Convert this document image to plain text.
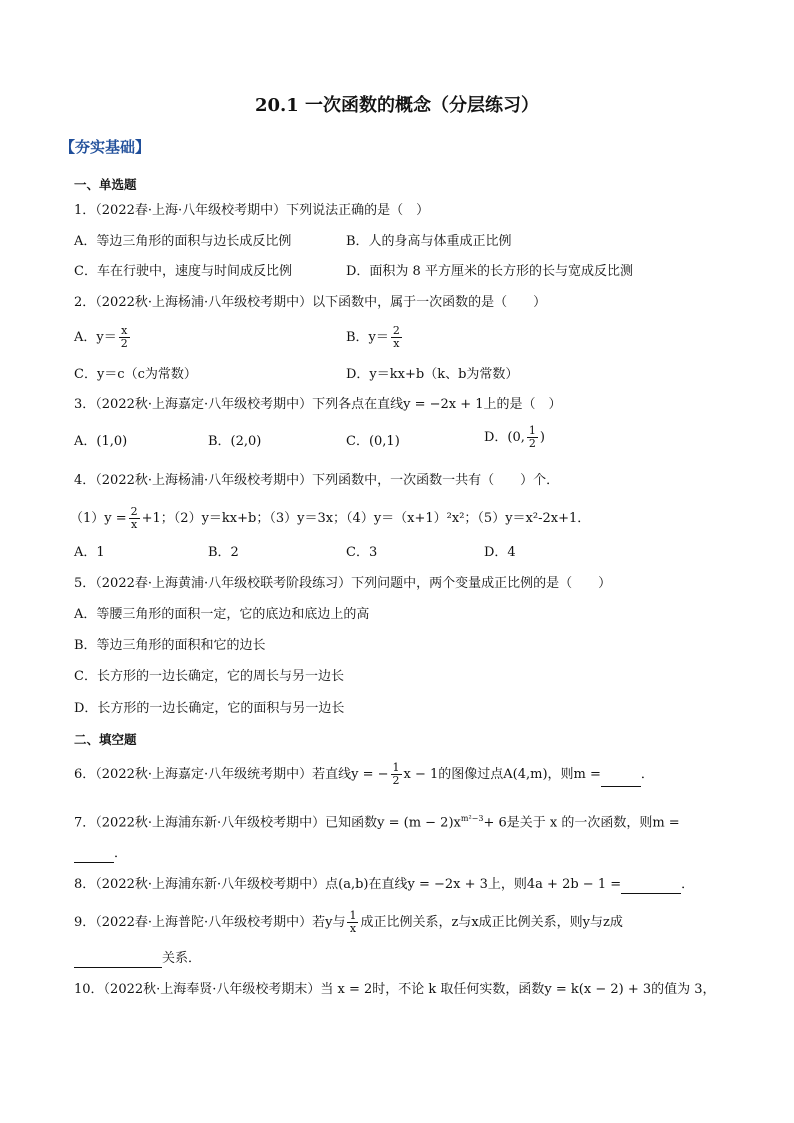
20.1 一次函数的概念（分层练习）
【夯实基础】
一、单选题
1．（2022春·上海·八年级校考期中）下列说法正确的是（　）
A．等边三角形的面积与边长成反比例	B．人的身高与体重成正比例
C．车在行驶中，速度与时间成反比例	D．面积为 8 平方厘米的长方形的长与宽成反比测
2．（2022秋·上海杨浦·八年级校考期中）以下函数中，属于一次函数的是（　　）
A．$y= \frac{x}{2}$	B．$y= \frac{2}{x}$
C．y＝c（c为常数）	D．y＝kx+b（k、b为常数）
3．（2022秋·上海嘉定·八年级校考期中）下列各点在直线y = −2x + 1上的是（　）
A．(1,0)	B．(2,0)	C．(0,1)	D．(0, $\frac{1}{2}$ )
4．（2022秋·上海杨浦·八年级校考期中）下列函数中，一次函数一共有（　　）个．
$(1)y = \frac{2}{x} +1$；（2）y＝kx+b；（3）y＝3x；（4）y＝（x+1）²x²；（5）y＝x²-2x+1．
A．1	B．2	C．3	D．4
5．（2022春·上海黄浦·八年级校联考阶段练习）下列问题中，两个变量成正比例的是（　　）
A．等腰三角形的面积一定，它的底边和底边上的高
B．等边三角形的面积和它的边长
C．长方形的一边长确定，它的周长与另一边长
D．长方形的一边长确定，它的面积与另一边长
二、填空题
6．（2022秋·上海嘉定·八年级统考期中）若直线y = − $\frac{1}{2}$ x − 1的图像过点A(4,m)，则m =	．
7．（2022秋·上海浦东新·八年级校考期中）已知函数$y = (m - 2)x^{m^2-3}+ 6$是关于 x 的一次函数，则m =
．
8．（2022秋·上海浦东新·八年级校考期中）点(a,b)在直线y = −2x + 3上，则4a + 2b − 1 =	．
9．（2022春·上海普陀·八年级校考期中）若y与 $\frac{1}{x}$ 成正比例关系，z与x成正比例关系，则y与z成
关系．
10．（2022秋·上海奉贤·八年级校考期末）当 x = 2时，不论 k 取任何实数，函数y = k(x − 2) + 3的值为 3，
